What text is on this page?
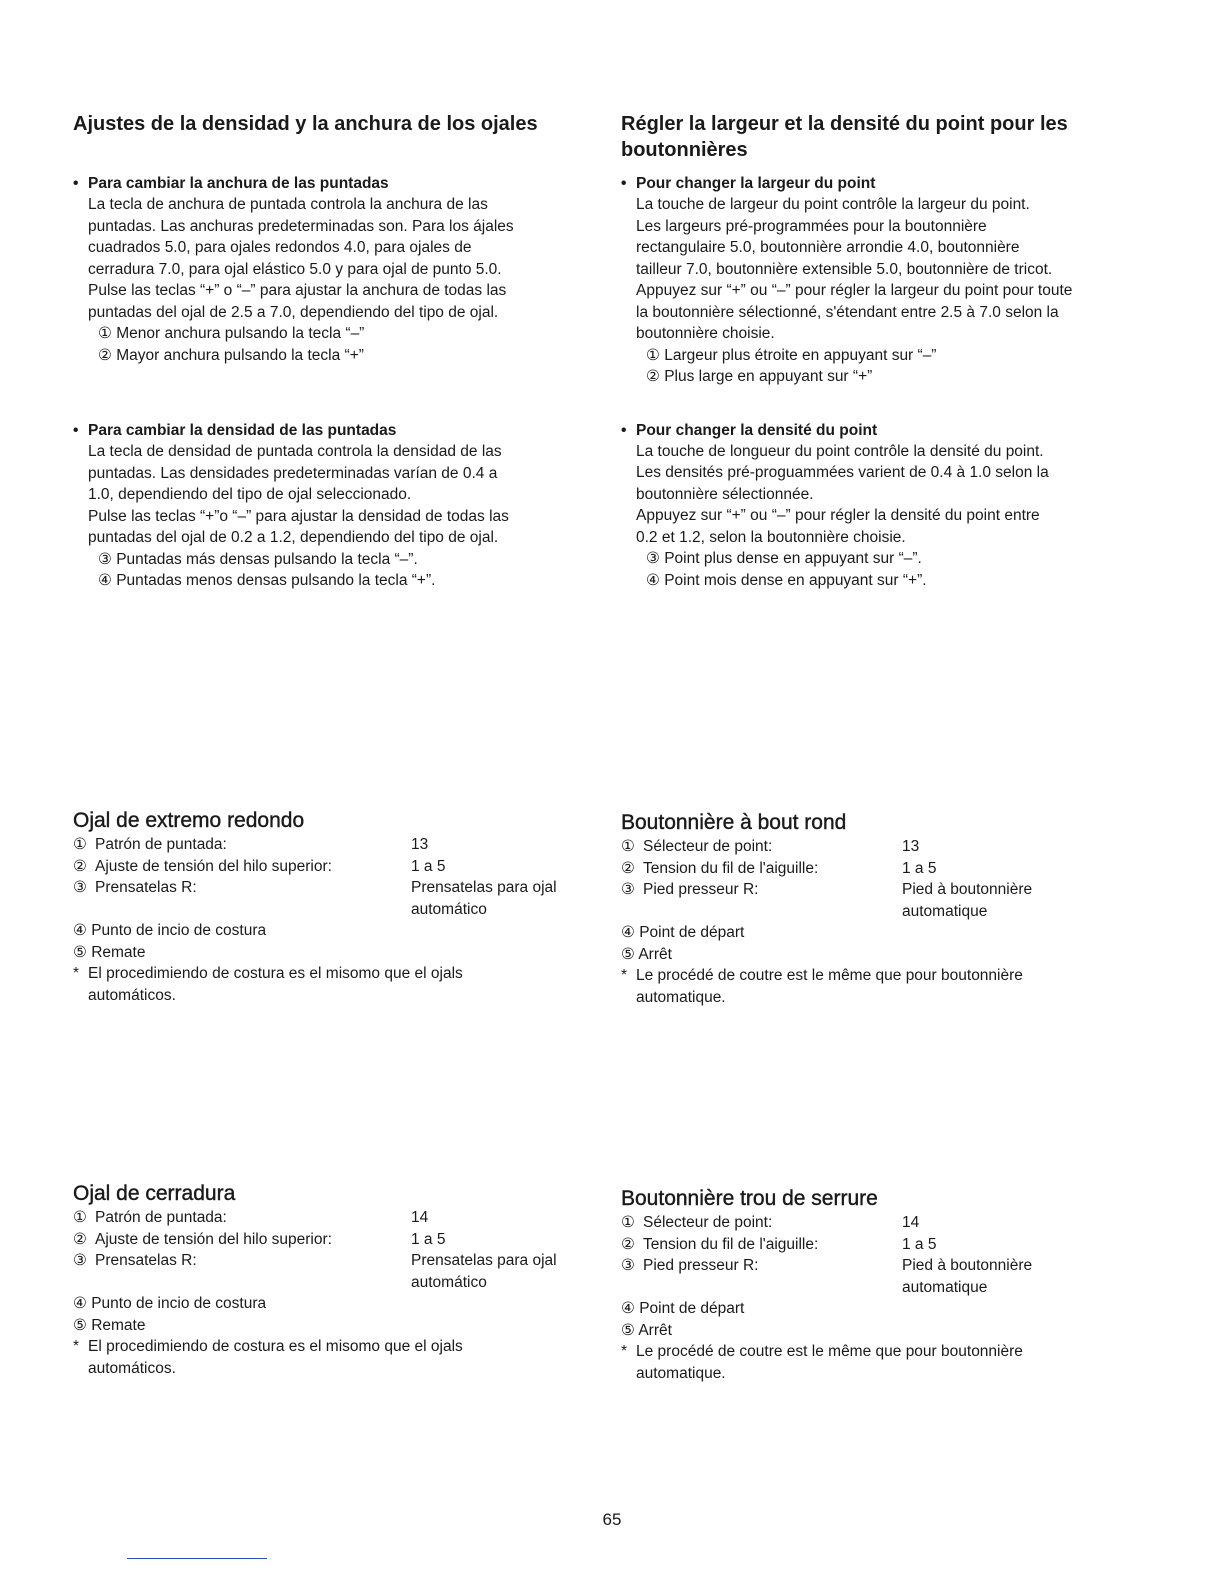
Ajustes de la densidad y la anchura de los ojales
• Para cambiar la anchura de las puntadas
La tecla de anchura de puntada controla la anchura de las
puntadas. Las anchuras predeterminadas son. Para los ájales
cuadrados 5.0, para ojales redondos 4.0, para ojales de
cerradura 7.0, para ojal elástico 5.0 y para ojal de punto 5.0.
Pulse las teclas “+” o “–” para ajustar la anchura de todas las
puntadas del ojal de 2.5 a 7.0, dependiendo del tipo de ojal.
① Menor anchura pulsando la tecla “–”
② Mayor anchura pulsando la tecla “+”
• Para cambiar la densidad de las puntadas
La tecla de densidad de puntada controla la densidad de las
puntadas. Las densidades predeterminadas varían de 0.4 a
1.0, dependiendo del tipo de ojal seleccionado.
Pulse las teclas “+”o “–” para ajustar la densidad de todas las
puntadas del ojal de 0.2 a 1.2, dependiendo del tipo de ojal.
③ Puntadas más densas pulsando la tecla “–”.
④ Puntadas menos densas pulsando la tecla “+”.
Régler la largeur et la densité du point pour les
boutonnières
• Pour changer la largeur du point
La touche de largeur du point contrôle la largeur du point.
Les largeurs pré-programmées pour la boutonnière
rectangulaire 5.0, boutonnière arrondie 4.0, boutonnière
tailleur 7.0, boutonnière extensible 5.0, boutonnière de tricot.
Appuyez sur “+” ou “–” pour régler la largeur du point pour toute
la boutonnière sélectionné, s'étendant entre 2.5 à 7.0 selon la
boutonnière choisie.
① Largeur plus étroite en appuyant sur “–”
② Plus large en appuyant sur “+”
• Pour changer la densité du point
La touche de longueur du point contrôle la densité du point.
Les densités pré-proguammées varient de 0.4 à 1.0 selon la
boutonnière sélectionnée.
Appuyez sur “+” ou “–” pour régler la densité du point entre
0.2 et 1.2, selon la boutonnière choisie.
③ Point plus dense en appuyant sur “–”.
④ Point mois dense en appuyant sur “+”.
Ojal de extremo redondo
① Patrón de puntada:	13
② Ajuste de tensión del hilo superior:	1 a 5
③ Prensatelas R:	Prensatelas para ojal
automático
④ Punto de incio de costura
⑤ Remate
* El procedimiendo de costura es el misomo que el ojals
automáticos.
Boutonnière à bout rond
① Sélecteur de point:	13
② Tension du fil de l'aiguille:	1 a 5
③ Pied presseur R:	Pied à boutonnière
automatique
④ Point de départ
⑤ Arrêt
* Le procédé de coutre est le même que pour boutonnière
automatique.
Ojal de cerradura
① Patrón de puntada:	14
② Ajuste de tensión del hilo superior:	1 a 5
③ Prensatelas R:	Prensatelas para ojal
automático
④ Punto de incio de costura
⑤ Remate
* El procedimiendo de costura es el misomo que el ojals
automáticos.
Boutonnière trou de serrure
① Sélecteur de point:	14
② Tension du fil de l'aiguille:	1 a 5
③ Pied presseur R:	Pied à boutonnière
automatique
④ Point de départ
⑤ Arrêt
* Le procédé de coutre est le même que pour boutonnière
automatique.
65
